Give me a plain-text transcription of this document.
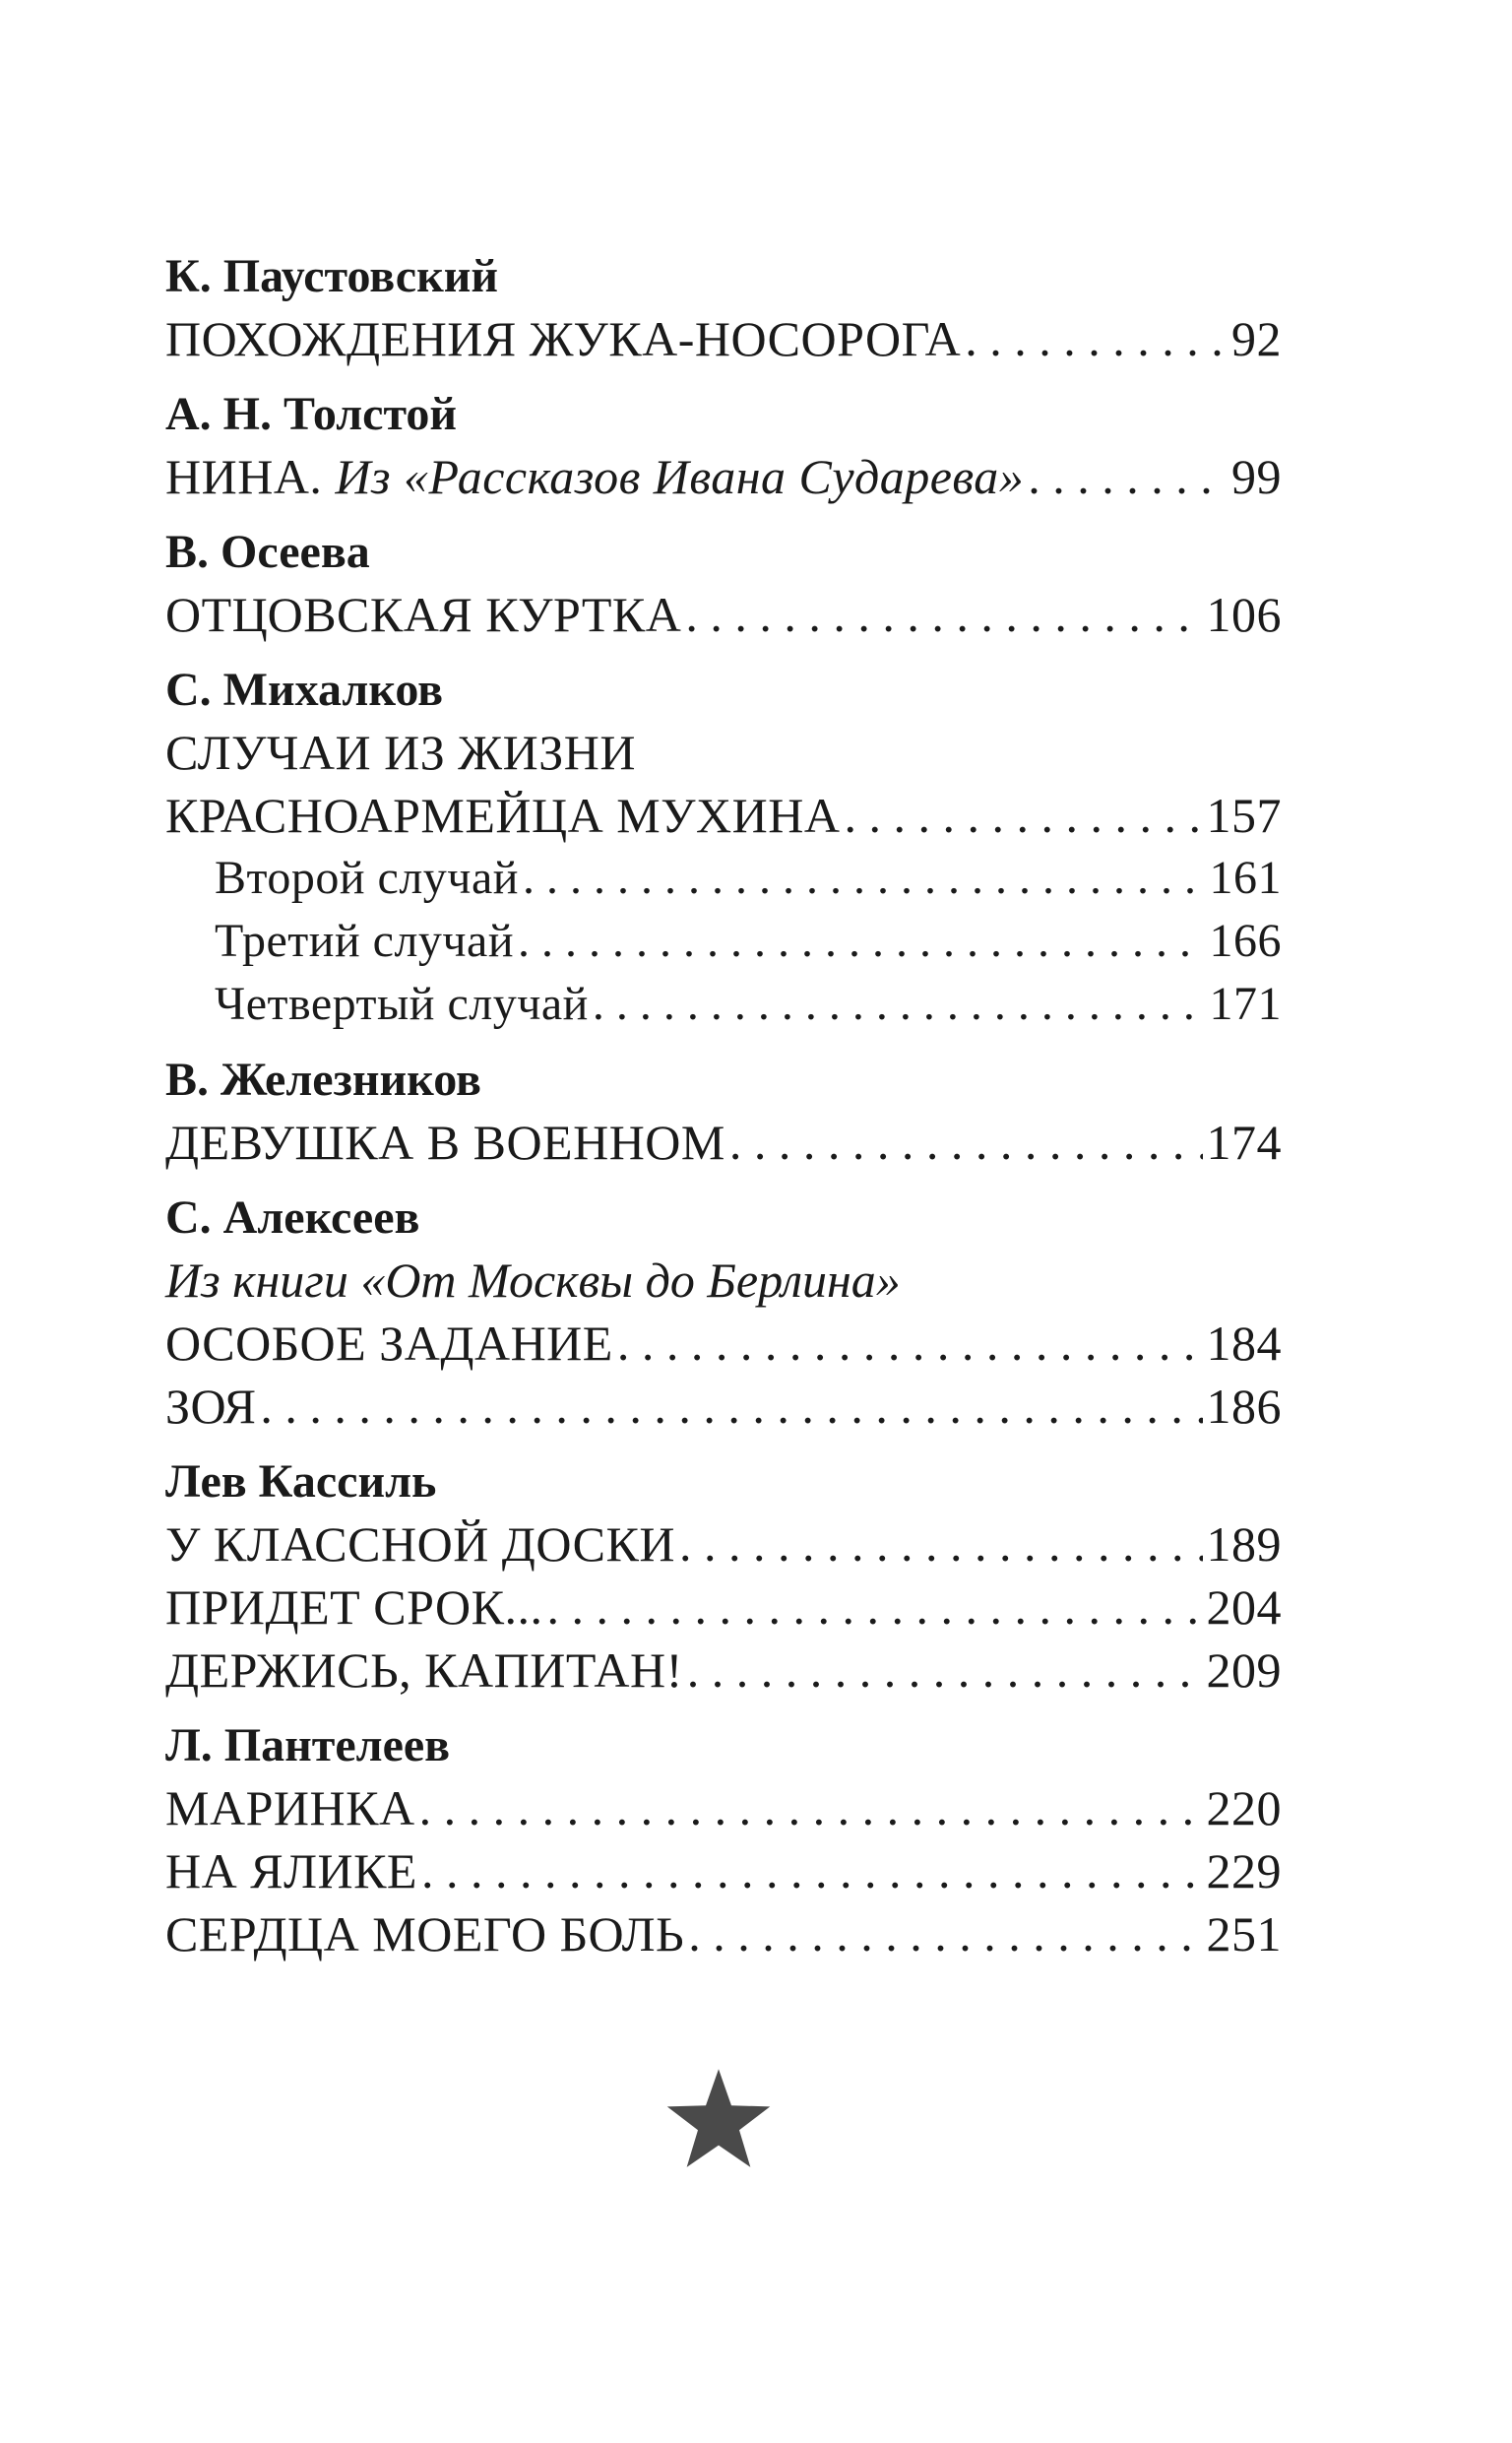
К. Паустовский
ПОХОЖДЕНИЯ ЖУКА-НОСОРОГА . . .	92
А. Н. Толстой
НИНА. Из «Рассказов Ивана Сударева» . . .	99
В. Осеева
ОТЦОВСКАЯ КУРТКА . . .	106
С. Михалков
СЛУЧАИ ИЗ ЖИЗНИ
КРАСНОАРМЕЙЦА МУХИНА . . .	157
Второй случай . . .	161
Третий случай . . .	166
Четвертый случай . . .	171
В. Железников
ДЕВУШКА В ВОЕННОМ . . .	174
С. Алексеев
Из книги «От Москвы до Берлина»
ОСОБОЕ ЗАДАНИЕ . . .	184
ЗОЯ . . .	186
Лев Кассиль
У КЛАССНОЙ ДОСКИ . . .	189
ПРИДЕТ СРОК... . . .	204
ДЕРЖИСЬ, КАПИТАН! . . .	209
Л. Пантелеев
МАРИНКА . . .	220
НА ЯЛИКЕ . . .	229
СЕРДЦА МОЕГО БОЛЬ . . .	251
